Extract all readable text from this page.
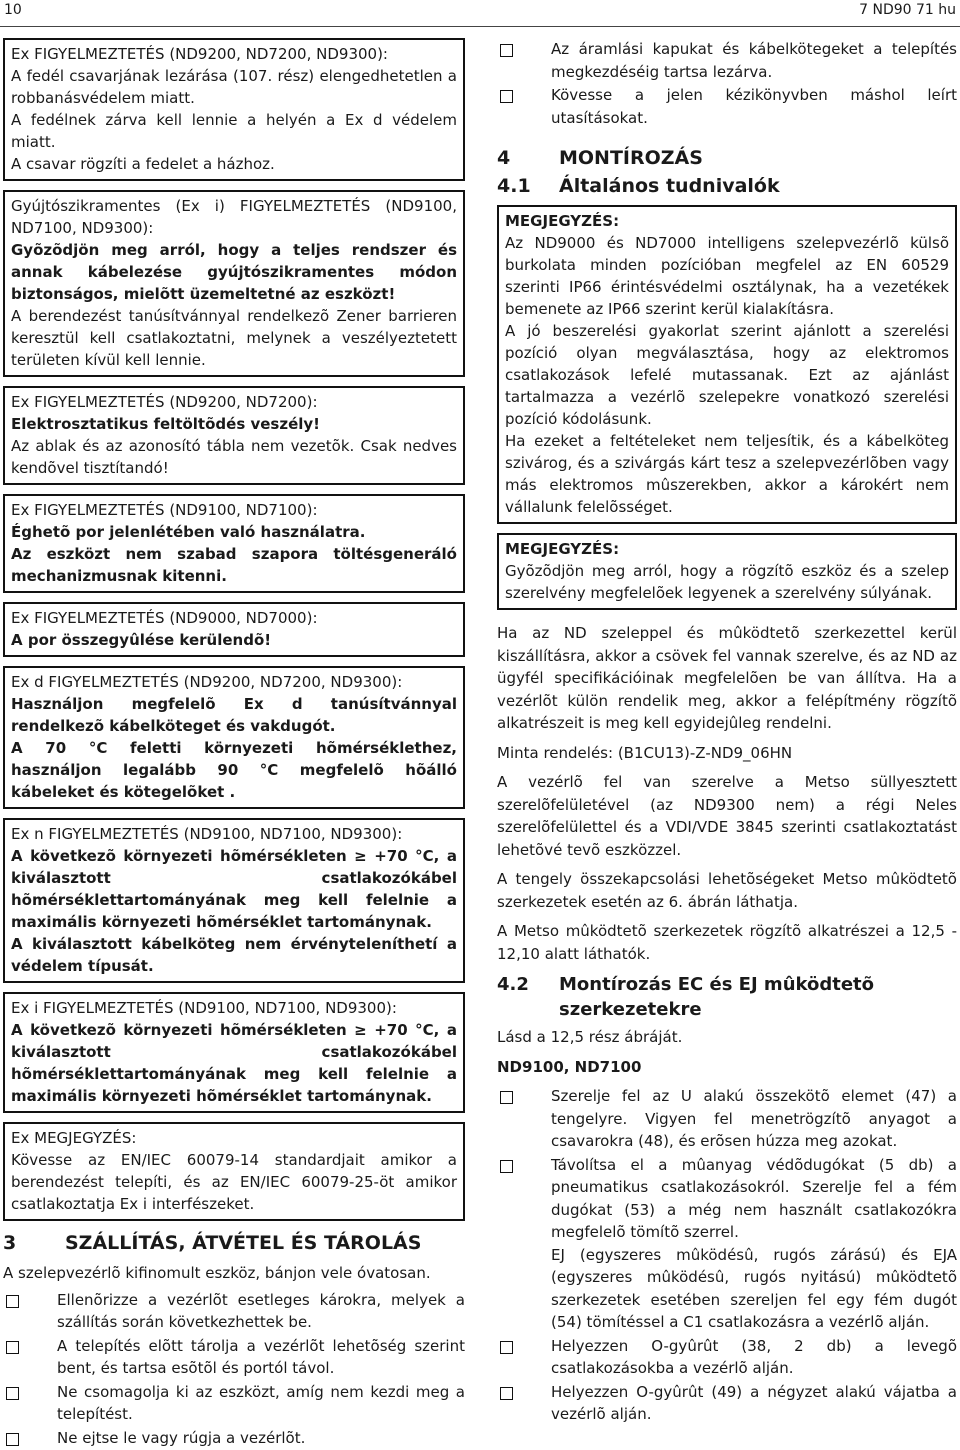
10	7 ND90 71 hu

Ex FIGYELMEZTETÉS (ND9200, ND7200, ND9300):

A fedél csavarjának lezárása (107. rész) elengedhetetlen a robbanásvédelem miatt.

A fedélnek zárva kell lennie a helyén a Ex d védelem miatt.

A csavar rögzíti a fedelet a házhoz.

Gyújtószikramentes (Ex i) FIGYELMEZTETÉS (ND9100, ND7100, ND9300):

Gyõzõdjön meg arról, hogy a teljes rendszer és annak kábelezése gyújtószikramentes módon biztonságos, mielõtt üzemeltetné az eszközt!

A berendezést tanúsítvánnyal rendelkezõ Zener barrieren keresztül kell csatlakoztatni, melynek a veszélyeztetett területen kívül kell lennie.

Ex FIGYELMEZTETÉS (ND9200, ND7200):

Elektrosztatikus feltöltõdés veszély!

Az ablak és az azonosító tábla nem vezetõk. Csak nedves kendõvel tisztítandó!

Ex FIGYELMEZTETÉS (ND9100, ND7100):

Éghetõ por jelenlétében való használatra.

Az eszközt nem szabad szapora töltésgeneráló mechanizmusnak kitenni.

Ex FIGYELMEZTETÉS (ND9000, ND7000):

A por összegyûlése kerülendõ!

Ex d FIGYELMEZTETÉS (ND9200, ND7200, ND9300):

Használjon megfelelõ Ex d tanúsítvánnyal rendelkezõ kábelköteget és vakdugót.

A 70 °C feletti környezeti hõmérséklethez, használjon legalább 90 °C megfelelõ hõálló kábeleket és kötegelõket .

Ex n FIGYELMEZTETÉS (ND9100, ND7100, ND9300):

A következõ környezeti hõmérsékleten ≥ +70 °C, a kiválasztott csatlakozókábel hõmérséklettartományának meg kell felelnie a maximális környezeti hõmérséklet tartománynak.

A kiválasztott kábelköteg nem érvényteleníthetí a védelem típusát.

Ex i FIGYELMEZTETÉS (ND9100, ND7100, ND9300):

A következõ környezeti hõmérsékleten ≥ +70 °C, a kiválasztott csatlakozókábel hõmérséklettartományának meg kell felelnie a maximális környezeti hõmérséklet tartománynak.

Ex MEGJEGYZÉS:

Kövesse az EN/IEC 60079-14 standardjait amikor a berendezést telepíti, és az EN/IEC 60079-25-öt amikor csatlakoztatja Ex i interfészeket.

3	SZÁLLÍTÁS, ÁTVÉTEL ÉS TÁROLÁS

A szelepvezérlõ kifinomult eszköz, bánjon vele óvatosan.

Ellenõrizze a vezérlõt esetleges károkra, melyek a szállítás során következhettek be.
A telepítés elõtt tárolja a vezérlõt lehetõség szerint bent, és tartsa esõtõl és portól távol.
Ne csomagolja ki az eszközt, amíg nem kezdi meg a telepítést.
Ne ejtse le vagy rúgja a vezérlõt.
Az áramlási kapukat és kábelkötegeket a telepítés megkezdéséig tartsa lezárva.
Kövesse a jelen kézikönyvben máshol leírt utasításokat.
4	MONTÍROZÁS
4.1	Általános tudnivalók

MEGJEGYZÉS:

Az ND9000 és ND7000 intelligens szelepvezérlõ külsõ burkolata minden pozícióban megfelel az EN 60529 szerinti IP66 érintésvédelmi osztálynak, ha a vezetékek bemenete az IP66 szerint kerül kialakításra.

A jó beszerelési gyakorlat szerint ajánlott a szerelési pozíció olyan megválasztása, hogy az elektromos csatlakozások lefelé mutassanak. Ezt az ajánlást tartalmazza a vezérlõ szelepekre vonatkozó szerelési pozíció kódolásunk.

Ha ezeket a feltételeket nem teljesítik, és a kábelköteg szivárog, és a szivárgás kárt tesz a szelepvezérlõben vagy más elektromos mûszerekben, akkor a károkért nem vállalunk felelõsséget.

MEGJEGYZÉS:

Gyõzõdjön meg arról, hogy a rögzítõ eszköz és a szelep szerelvény megfelelõek legyenek a szerelvény súlyának.

Ha az ND szeleppel és mûködtetõ szerkezettel kerül kiszállításra, akkor a csövek fel vannak szerelve, és az ND az ügyfél specifikációinak megfelelõen be van állítva. Ha a vezérlõt külön rendelik meg, akkor a felépítmény rögzítõ alkatrészeit is meg kell egyidejûleg rendelni.

Minta rendelés: (B1CU13)-Z-ND9_06HN

A vezérlõ fel van szerelve a Metso süllyesztett szerelõfelületével (az ND9300 nem) a régi Neles szerelõfelülettel és a VDI/VDE 3845 szerinti csatlakoztatást lehetõvé tevõ eszközzel.

A tengely összekapcsolási lehetõségeket Metso mûködtetõ szerkezetek esetén az 6. ábrán láthatja.

A Metso mûködtetõ szerkezetek rögzítõ alkatrészei a 12,5 - 12,10 alatt láthatók.

4.2	Montírozás EC és EJ mûködtetõ szerkezetekre

Lásd a 12,5 rész ábráját.

ND9100, ND7100

Szerelje fel az U alakú összekötõ elemet (47) a tengelyre. Vigyen fel menetrögzítõ anyagot a csavarokra (48), és erõsen húzza meg azokat.
Távolítsa el a mûanyag védõdugókat (5 db) a pneumatikus csatlakozásokról. Szerelje fel a fém dugókat (53) a még nem használt csatlakozókra megfelelõ tömítõ szerrel.
EJ (egyszeres mûködésû, rugós zárású) és EJA (egyszeres mûködésû, rugós nyitású) mûködtetõ szerkezetek esetében szereljen fel egy fém dugót (54) tömítéssel a C1 csatlakozásra a vezérlõ alján.
Helyezzen O-gyûrût (38, 2 db) a levegõ csatlakozásokba a vezérlõ alján.
Helyezzen O-gyûrût (49) a négyzet alakú vájatba a vezérlõ alján.
